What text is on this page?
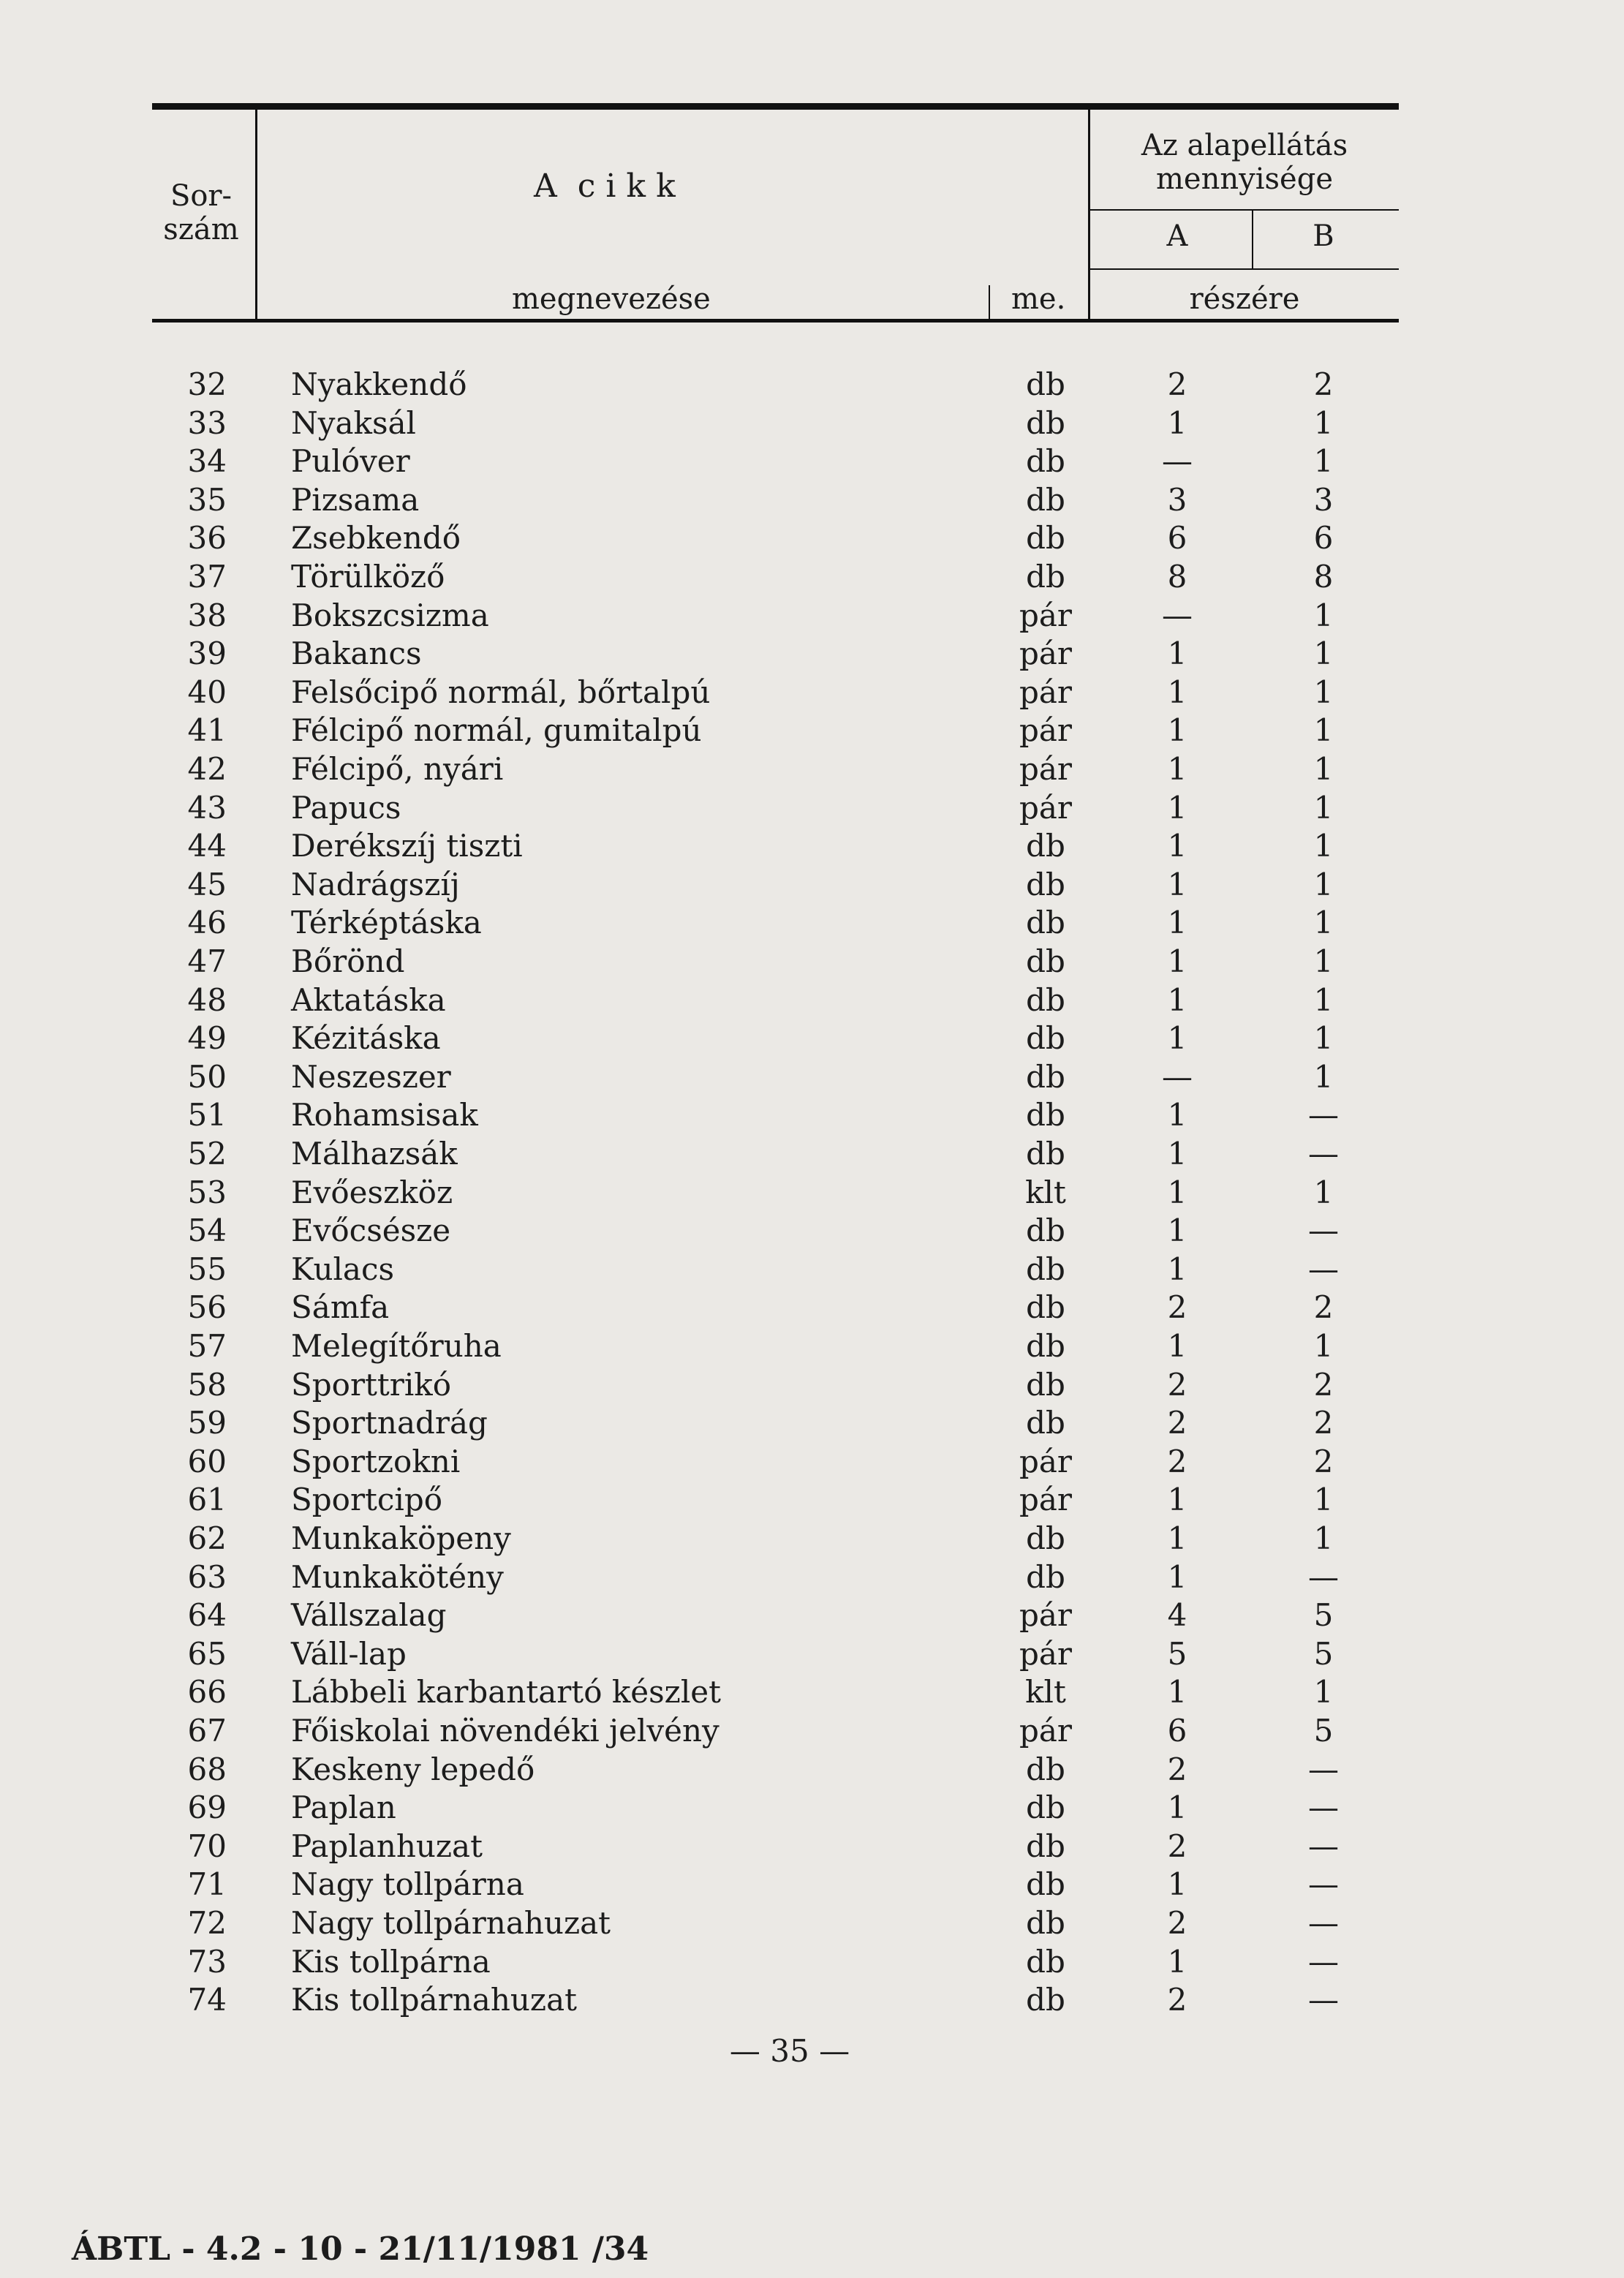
Sor-
szám
A  c i k k
megnevezése	me.
Az alapellátás
mennyisége
A	B
részére
32 Nyakkendő	db	2	2
33 Nyaksál	db	1	1
34 Pulóver	db	—	1
35 Pizsama	db	3	3
36 Zsebkendő	db	6	6
37 Törülköző	db	8	8
38 Bokszcsizma	pár	—	1
39 Bakancs	pár	1	1
40 Felsőcipő normál, bőrtalpú	pár	1	1
41 Félcipő normál, gumitalpú	pár	1	1
42 Félcipő, nyári	pár	1	1
43 Papucs	pár	1	1
44 Derékszíj tiszti	db	1	1
45 Nadrágszíj	db	1	1
46 Térképtáska	db	1	1
47 Bőrönd	db	1	1
48 Aktatáska	db	1	1
49 Kézitáska	db	1	1
50 Neszeszer	db	—	1
51 Rohamsisak	db	1	—
52 Málhazsák	db	1	—
53 Evőeszköz	klt	1	1
54 Evőcsésze	db	1	—
55 Kulacs	db	1	—
56 Sámfa	db	2	2
57 Melegítőruha	db	1	1
58 Sporttrikó	db	2	2
59 Sportnadrág	db	2	2
60 Sportzokni	pár	2	2
61 Sportcipő	pár	1	1
62 Munkaköpeny	db	1	1
63 Munkakötény	db	1	—
64 Vállszalag	pár	4	5
65 Váll-lap	pár	5	5
66 Lábbeli karbantartó készlet	klt	1	1
67 Főiskolai növendéki jelvény	pár	6	5
68 Keskeny lepedő	db	2	—
69 Paplan	db	1	—
70 Paplanhuzat	db	2	—
71 Nagy tollpárna	db	1	—
72 Nagy tollpárnahuzat	db	2	—
73 Kis tollpárna	db	1	—
74 Kis tollpárnahuzat	db	2	—
— 35 —
ÁBTL - 4.2 - 10 - 21/11/1981 /34
